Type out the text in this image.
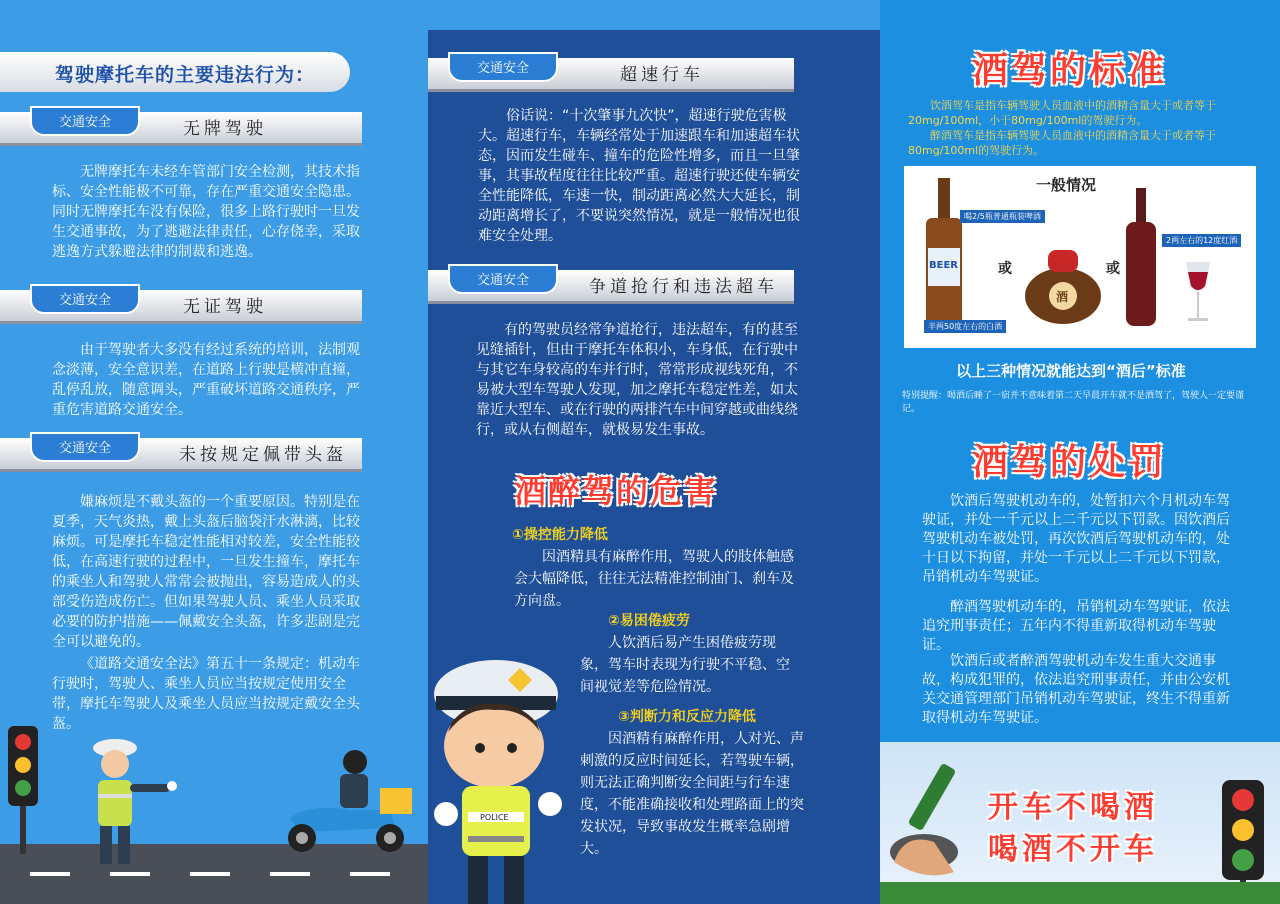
驾驶摩托车的主要违法行为：
交通安全	无牌驾驶
无牌摩托车未经车管部门安全检测，其技术指标、安全性能极不可靠，存在严重交通安全隐患。同时无牌摩托车没有保险，很多上路行驶时一旦发生交通事故，为了逃避法律责任，心存侥幸，采取逃逸方式躲避法律的制裁和逃逸。
交通安全	无证驾驶
由于驾驶者大多没有经过系统的培训，法制观念淡薄，安全意识差，在道路上行驶是横冲直撞，乱停乱放，随意调头，严重破坏道路交通秩序，严重危害道路交通安全。
交通安全	未按规定佩带头盔
嫌麻烦是不戴头盔的一个重要原因。特别是在夏季，天气炎热，戴上头盔后脑袋汗水淋漓，比较麻烦。可是摩托车稳定性能相对较差，安全性能较低，在高速行驶的过程中，一旦发生撞车，摩托车的乘坐人和驾驶人常常会被抛出，容易造成人的头部受伤造成伤亡。但如果驾驶人员、乘坐人员采取必要的防护措施——佩戴安全头盔，许多悲剧是完全可以避免的。
《道路交通安全法》第五十一条规定：机动车行驶时，驾驶人、乘坐人员应当按规定使用安全带，摩托车驾驶人及乘坐人员应当按规定戴安全头盔。
交通安全	超速行车
俗话说：“十次肇事九次快”，超速行驶危害极大。超速行车，车辆经常处于加速跟车和加速超车状态，因而发生碰车、撞车的危险性增多，而且一旦肇事，其事故程度往往比较严重。超速行驶还使车辆安全性能降低，车速一快，制动距离必然大大延长，制动距离增长了，不要说突然情况，就是一般情况也很难安全处理。
交通安全	争道抢行和违法超车
有的驾驶员经常争道抢行，违法超车，有的甚至见缝插针，但由于摩托车体积小，车身低，在行驶中与其它车身较高的车并行时，常常形成视线死角，不易被大型车驾驶人发现，加之摩托车稳定性差，如太靠近大型车、或在行驶的两排汽车中间穿越或曲线绕行，或从右侧超车，就极易发生事故。
酒醉驾的危害
①操控能力降低
因酒精具有麻醉作用，驾驶人的肢体触感会大幅降低，往往无法精准控制油门、刹车及方向盘。
②易困倦疲劳
人饮酒后易产生困倦疲劳现象，驾车时表现为行驶不平稳、空间视觉差等危险情况。
③判断力和反应力降低
因酒精有麻醉作用，人对光、声刺激的反应时间延长，若驾驶车辆，则无法正确判断安全间距与行车速度，不能准确接收和处理路面上的突发状况，导致事故发生概率急剧增大。
POLICE
酒驾的标准
饮酒驾车是指车辆驾驶人员血液中的酒精含量大于或者等于20mg/100ml，小于80mg/100ml的驾驶行为。
醉酒驾车是指车辆驾驶人员血液中的酒精含量大于或者等于80mg/100ml的驾驶行为。
一般情况
BEER
喝2/5瓶普通瓶装啤酒
或
酒
半两50度左右的白酒
或
2两左右的12度红酒
以上三种情况就能达到“酒后”标准
特别提醒：喝酒后睡了一宿并不意味着第二天早晨开车就不是酒驾了，驾驶人一定要谨记。
酒驾的处罚
饮酒后驾驶机动车的，处暂扣六个月机动车驾驶证，并处一千元以上二千元以下罚款。因饮酒后驾驶机动车被处罚，再次饮酒后驾驶机动车的，处十日以下拘留，并处一千元以上二千元以下罚款，吊销机动车驾驶证。
醉酒驾驶机动车的，吊销机动车驾驶证，依法追究刑事责任；五年内不得重新取得机动车驾驶证。
饮酒后或者醉酒驾驶机动车发生重大交通事故，构成犯罪的，依法追究刑事责任，并由公安机关交通管理部门吊销机动车驾驶证，终生不得重新取得机动车驾驶证。
开车不喝酒
喝酒不开车
